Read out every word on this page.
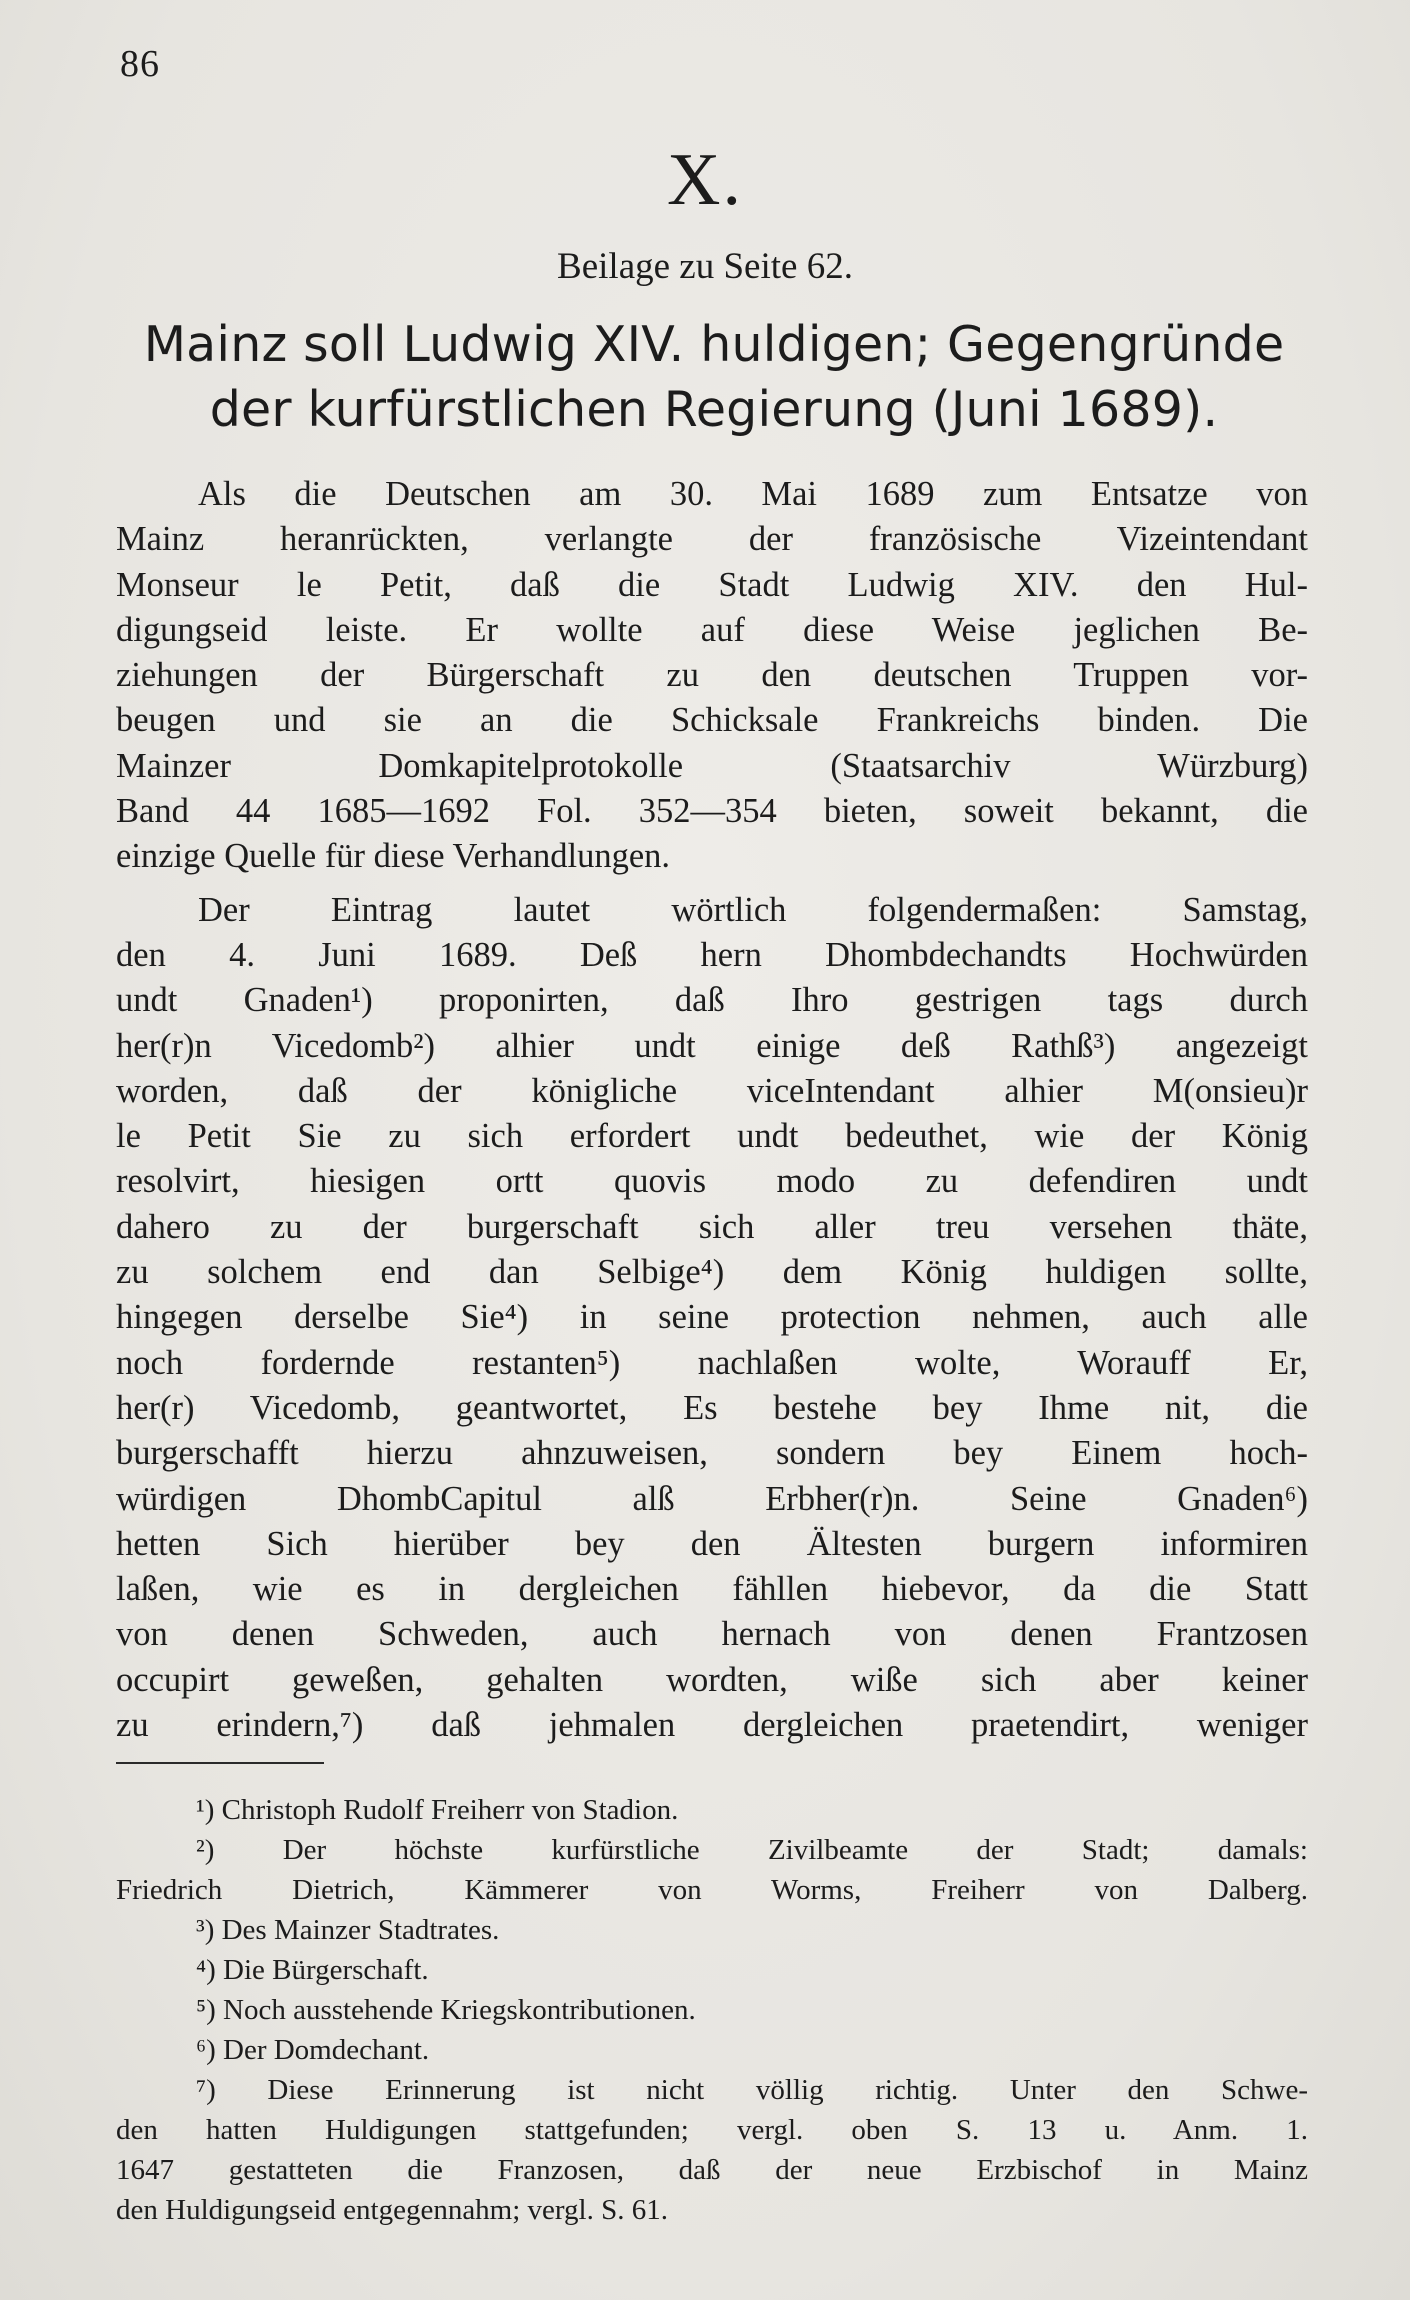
86
X.
Beilage zu Seite 62.
Mainz soll Ludwig XIV. huldigen; Gegengründe
der kurfürstlichen Regierung (Juni 1689).
Als die Deutschen am 30. Mai 1689 zum Entsatze von
Mainz heranrückten, verlangte der französische Vizeintendant
Monseur le Petit, daß die Stadt Ludwig XIV. den Hul-
digungseid leiste. Er wollte auf diese Weise jeglichen Be-
ziehungen der Bürgerschaft zu den deutschen Truppen vor-
beugen und sie an die Schicksale Frankreichs binden. Die
Mainzer Domkapitelprotokolle (Staatsarchiv Würzburg)
Band 44 1685—1692 Fol. 352—354 bieten, soweit bekannt, die
einzige Quelle für diese Verhandlungen.
Der Eintrag lautet wörtlich folgendermaßen: Samstag,
den 4. Juni 1689. Deß hern Dhombdechandts Hochwürden
undt Gnaden¹) proponirten, daß Ihro gestrigen tags durch
her(r)n Vicedomb²) alhier undt einige deß Rathß³) angezeigt
worden, daß der königliche viceIntendant alhier M(onsieu)r
le Petit Sie zu sich erfordert undt bedeuthet, wie der König
resolvirt, hiesigen ortt quovis modo zu defendiren undt
dahero zu der burgerschaft sich aller treu versehen thäte,
zu solchem end dan Selbige⁴) dem König huldigen sollte,
hingegen derselbe Sie⁴) in seine protection nehmen, auch alle
noch fordernde restanten⁵) nachlaßen wolte, Worauff Er,
her(r) Vicedomb, geantwortet, Es bestehe bey Ihme nit, die
burgerschafft hierzu ahnzuweisen, sondern bey Einem hoch-
würdigen DhombCapitul alß Erbher(r)n. Seine Gnaden⁶)
hetten Sich hierüber bey den Ältesten burgern informiren
laßen, wie es in dergleichen fähllen hiebevor, da die Statt
von denen Schweden, auch hernach von denen Frantzosen
occupirt geweßen, gehalten wordten, wiße sich aber keiner
zu erindern,⁷) daß jehmalen dergleichen praetendirt, weniger
¹) Christoph Rudolf Freiherr von Stadion.
²) Der höchste kurfürstliche Zivilbeamte der Stadt; damals:
Friedrich Dietrich, Kämmerer von Worms, Freiherr von Dalberg.
³) Des Mainzer Stadtrates.
⁴) Die Bürgerschaft.
⁵) Noch ausstehende Kriegskontributionen.
⁶) Der Domdechant.
⁷) Diese Erinnerung ist nicht völlig richtig. Unter den Schwe-
den hatten Huldigungen stattgefunden; vergl. oben S. 13 u. Anm. 1.
1647 gestatteten die Franzosen, daß der neue Erzbischof in Mainz
den Huldigungseid entgegennahm; vergl. S. 61.
